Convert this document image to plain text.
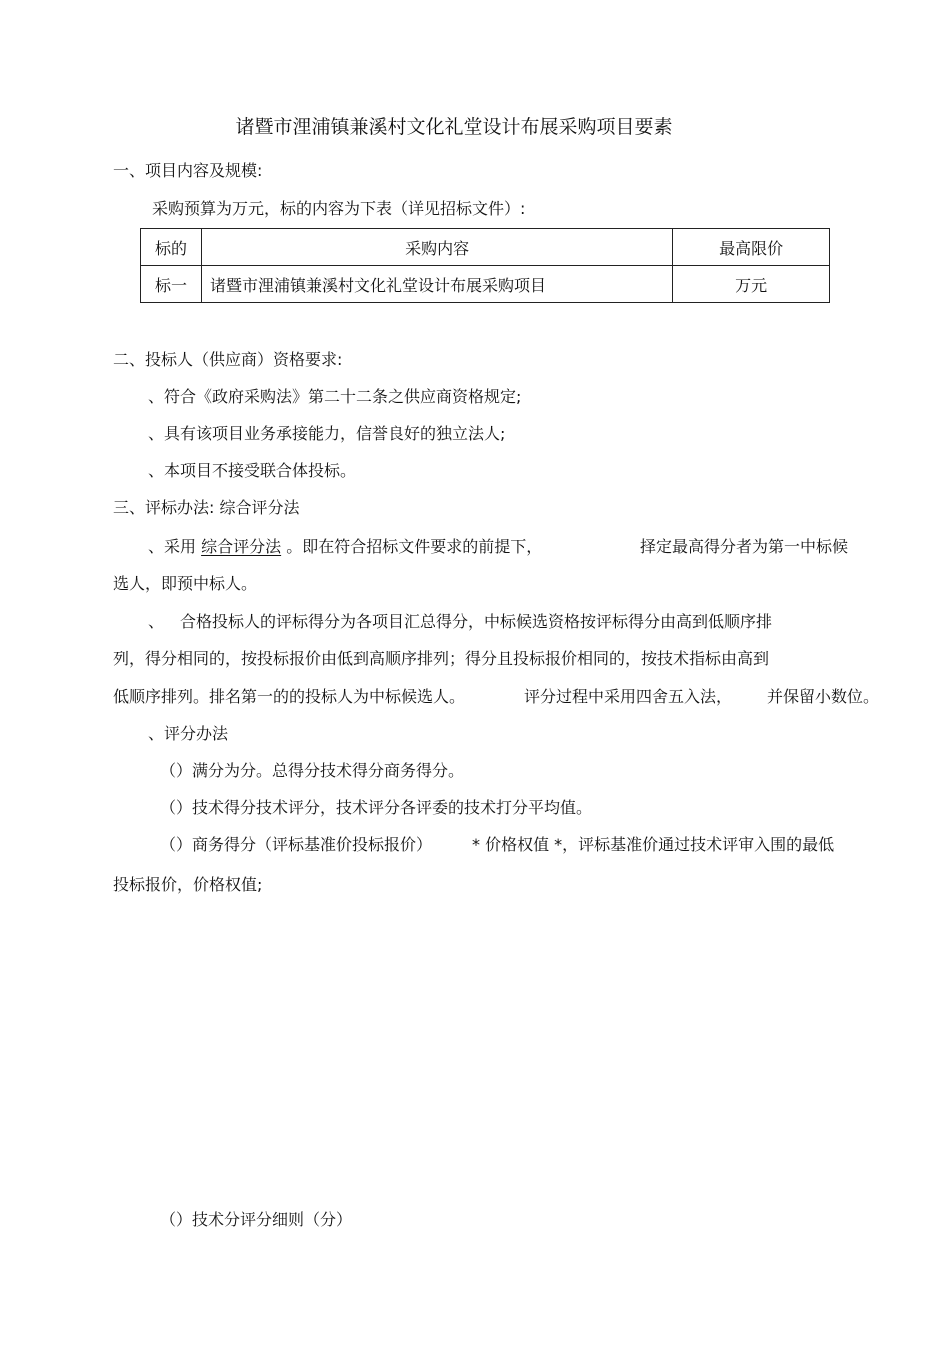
诸暨市浬浦镇兼溪村文化礼堂设计布展采购项目要素
一、项目内容及规模:
采购预算为万元，标的内容为下表（详见招标文件）:
标的	采购内容	最高限价
标一	诸暨市浬浦镇兼溪村文化礼堂设计布展采购项目	万元
二、投标人（供应商）资格要求:
、符合《政府采购法》第二十二条之供应商资格规定;
、具有该项目业务承接能力，信誉良好的独立法人;
、本项目不接受联合体投标。
三、评标办法: 综合评分法
、采用 综合评分法 。即在符合招标文件要求的前提下，	择定最高得分者为第一中标候
选人，即预中标人。
、 合格投标人的评标得分为各项目汇总得分，中标候选资格按评标得分由高到低顺序排
列，得分相同的，按投标报价由低到高顺序排列；得分且投标报价相同的，按技术指标由高到
低顺序排列。排名第一的的投标人为中标候选人。	评分过程中采用四舍五入法， 并保留小数位。
、评分办法
（）满分为分。总得分技术得分商务得分。
（）技术得分技术评分，技术评分各评委的技术打分平均值。
（）商务得分（评标基准价投标报价） * 价格权值 *，评标基准价通过技术评审入围的最低
投标报价，价格权值;
（）技术分评分细则（分）
